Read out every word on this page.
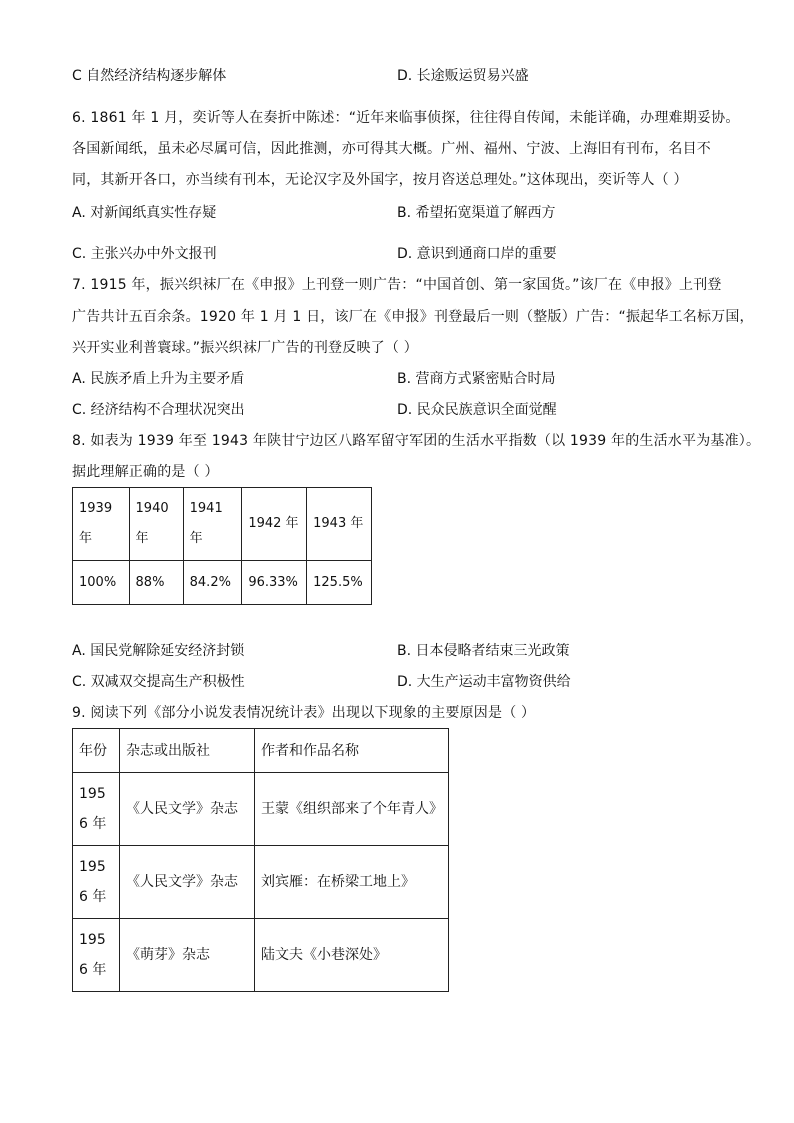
C 自然经济结构逐步解体	D. 长途贩运贸易兴盛
6. 1861 年 1 月，奕䜣等人在奏折中陈述：“近年来临事侦探，往往得自传闻，未能详确，办理难期妥协。
各国新闻纸，虽未必尽属可信，因此推测，亦可得其大概。广州、福州、宁波、上海旧有刊布，名目不
同，其新开各口，亦当续有刊本，无论汉字及外国字，按月咨送总理处。”这体现出，奕䜣等人（ ）
A. 对新闻纸真实性存疑	B. 希望拓宽渠道了解西方
C. 主张兴办中外文报刊	D. 意识到通商口岸的重要
7. 1915 年，振兴织袜厂在《申报》上刊登一则广告：“中国首创、第一家国货。”该厂在《申报》上刊登
广告共计五百余条。1920 年 1 月 1 日，该厂在《申报》刊登最后一则（整版）广告：“振起华工名标万国，
兴开实业利普寰球。”振兴织袜厂广告的刊登反映了（ ）
A. 民族矛盾上升为主要矛盾	B. 营商方式紧密贴合时局
C. 经济结构不合理状况突出	D. 民众民族意识全面觉醒
8. 如表为 1939 年至 1943 年陕甘宁边区八路军留守军团的生活水平指数（以 1939 年的生活水平为基准）。
据此理解正确的是（ ）
1939 年	1940 年	1941 年	1942 年	1943 年
100%	88%	84.2%	96.33%	125.5%
A. 国民党解除延安经济封锁	B. 日本侵略者结束三光政策
C. 双减双交提高生产积极性	D. 大生产运动丰富物资供给
9. 阅读下列《部分小说发表情况统计表》出现以下现象的主要原因是（ ）
年份	杂志或出版社	作者和作品名称
1956 年	《人民文学》杂志	王蒙《组织部来了个年青人》
1956 年	《人民文学》杂志	刘宾雁：在桥梁工地上》
1956 年	《萌芽》杂志	陆文夫《小巷深处》
